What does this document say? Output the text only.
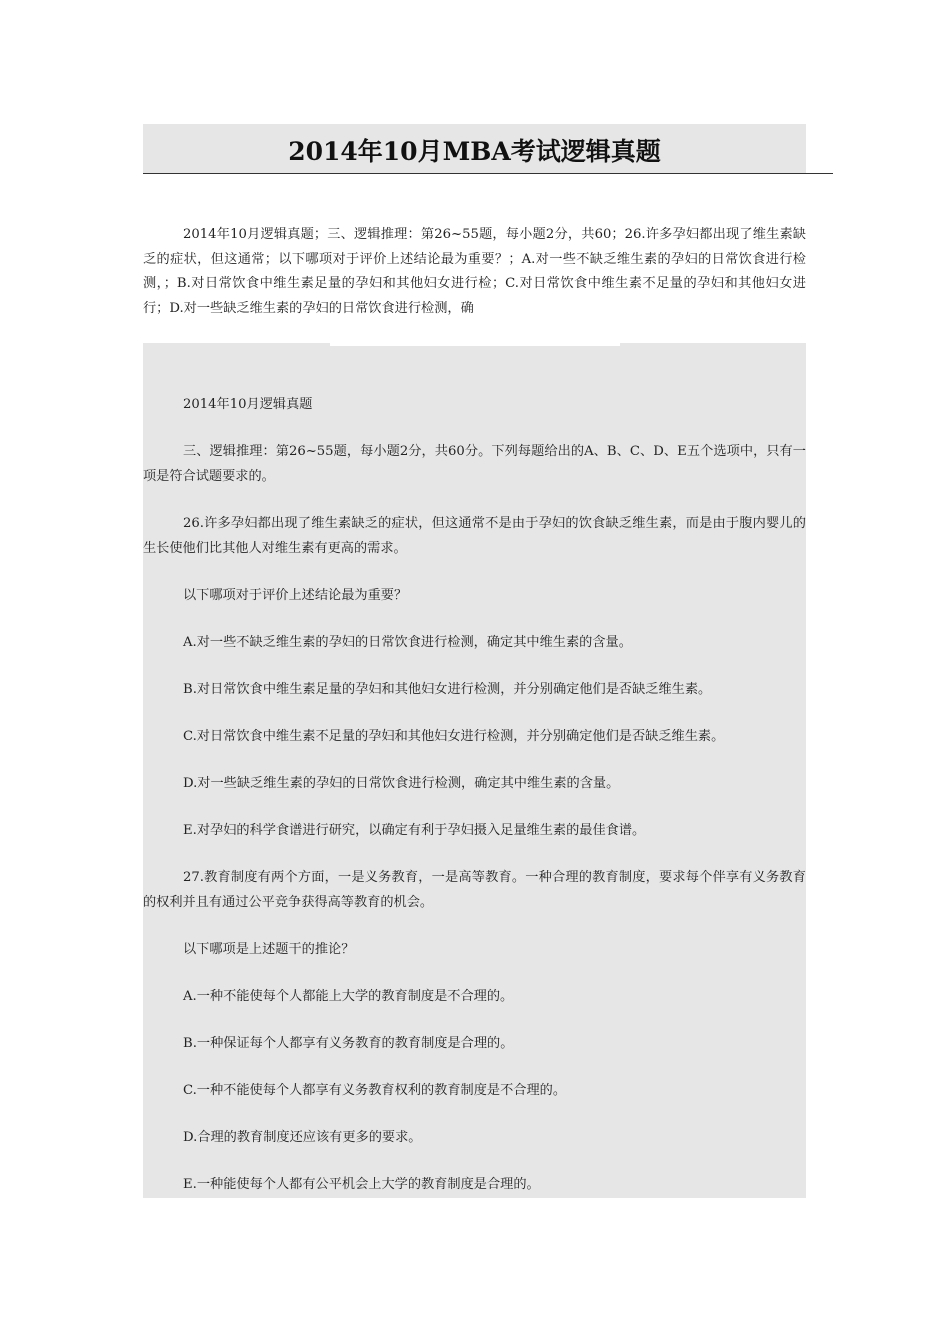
2014年10月MBA考试逻辑真题
2014年10月逻辑真题；三、逻辑推理：第26~55题，每小题2分，共60；26.许多孕妇都出现了维生素缺乏的症状，但这通常；以下哪项对于评价上述结论最为重要？；A.对一些不缺乏维生素的孕妇的日常饮食进行检测，；B.对日常饮食中维生素足量的孕妇和其他妇女进行检；C.对日常饮食中维生素不足量的孕妇和其他妇女进行；D.对一些缺乏维生素的孕妇的日常饮食进行检测，确

2014年10月逻辑真题

三、逻辑推理：第26~55题，每小题2分，共60分。下列每题给出的A、B、C、D、E五个选项中，只有一项是符合试题要求的。

26.许多孕妇都出现了维生素缺乏的症状，但这通常不是由于孕妇的饮食缺乏维生素，而是由于腹内婴儿的生长使他们比其他人对维生素有更高的需求。

以下哪项对于评价上述结论最为重要？

A.对一些不缺乏维生素的孕妇的日常饮食进行检测，确定其中维生素的含量。

B.对日常饮食中维生素足量的孕妇和其他妇女进行检测，并分别确定他们是否缺乏维生素。

C.对日常饮食中维生素不足量的孕妇和其他妇女进行检测，并分别确定他们是否缺乏维生素。

D.对一些缺乏维生素的孕妇的日常饮食进行检测，确定其中维生素的含量。

E.对孕妇的科学食谱进行研究，以确定有利于孕妇摄入足量维生素的最佳食谱。

27.教育制度有两个方面，一是义务教育，一是高等教育。一种合理的教育制度，要求每个伴享有义务教育的权利并且有通过公平竞争获得高等教育的机会。

以下哪项是上述题干的推论？

A.一种不能使每个人都能上大学的教育制度是不合理的。

B.一种保证每个人都享有义务教育的教育制度是合理的。

C.一种不能使每个人都享有义务教育权利的教育制度是不合理的。

D.合理的教育制度还应该有更多的要求。

E.一种能使每个人都有公平机会上大学的教育制度是合理的。
